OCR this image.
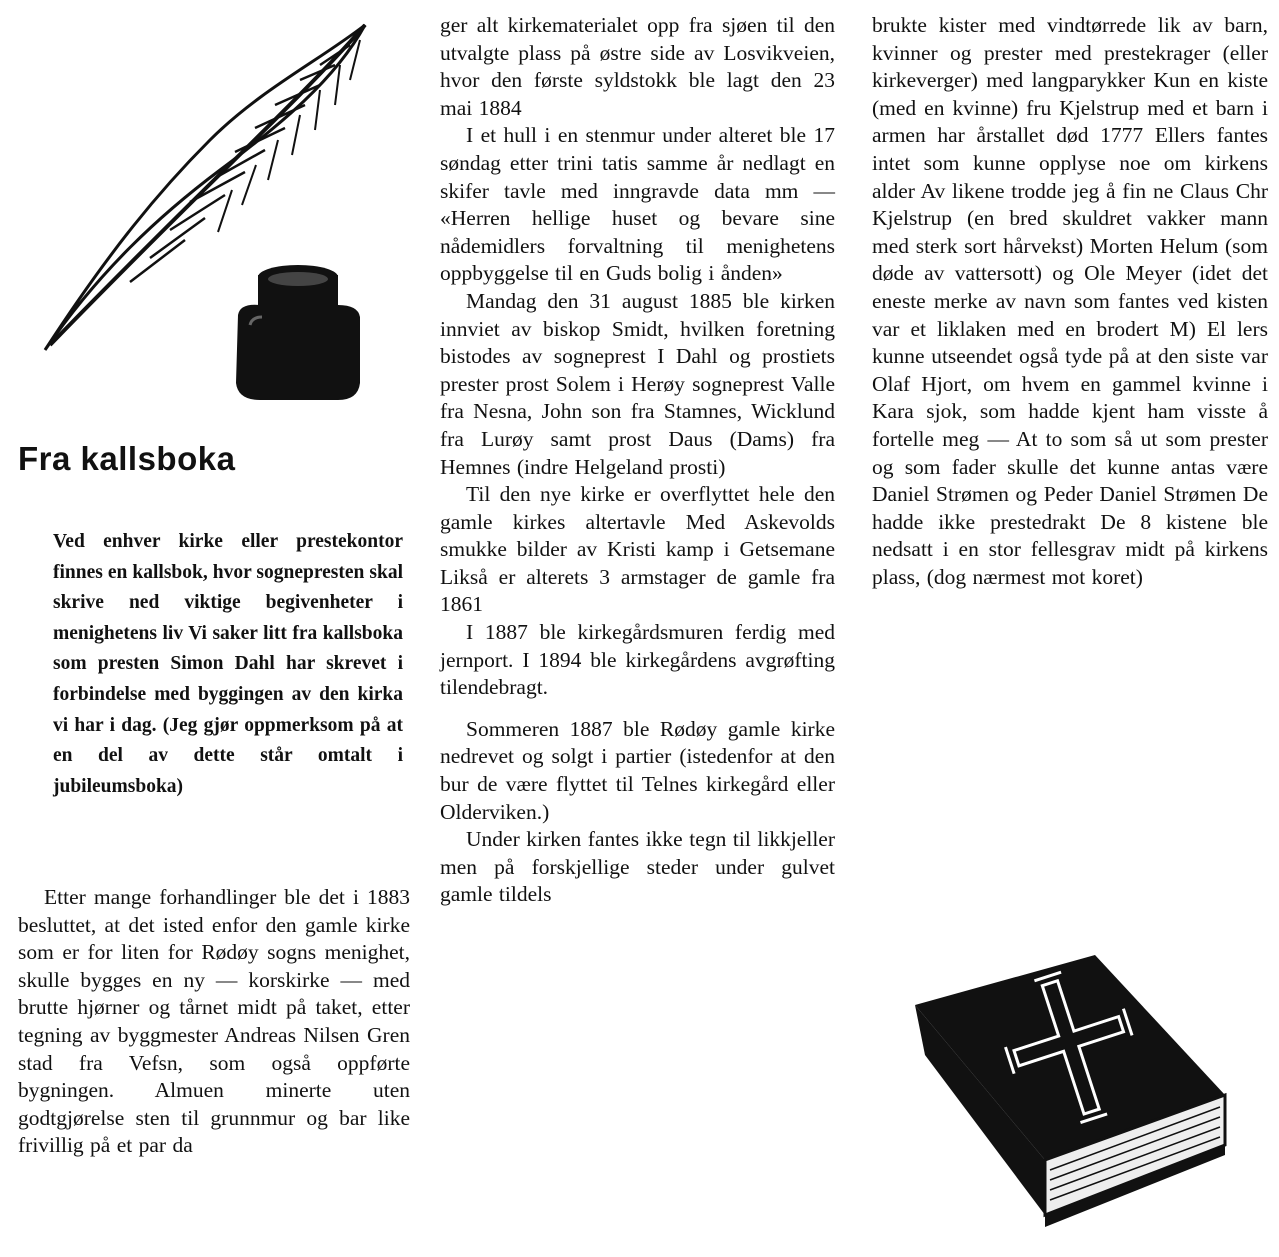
Fra kallsboka

Ved enhver kirke eller prestekontor finnes en kallsbok, hvor sognepresten skal skrive ned viktige begivenheter i menighetens liv Vi saker litt fra kallsboka som presten Simon Dahl har skrevet i forbindelse med byggingen av den kirka vi har i dag. (Jeg gjør oppmerksom på at en del av dette står omtalt i jubileumsboka)

Etter mange forhandlinger ble det i 1883 besluttet, at det isted enfor den gamle kirke som er for liten for Rødøy sogns menighet, skulle bygges en ny — korskirke — med brutte hjørner og tårnet midt på taket, etter tegning av byggmester Andreas Nilsen Gren stad fra Vefsn, som også oppførte bygningen. Almuen minerte uten godtgjørelse sten til grunnmur og bar like frivillig på et par da

ger alt kirkematerialet opp fra sjøen til den utvalgte plass på østre side av Losvikveien, hvor den første syldstokk ble lagt den 23 mai 1884

I et hull i en stenmur under alteret ble 17 søndag etter trini tatis samme år nedlagt en skifer tavle med inngravde data mm — «Herren hellige huset og bevare sine nådemidlers forvaltning til menighetens oppbyggelse til en Guds bolig i ånden»

Mandag den 31 august 1885 ble kirken innviet av biskop Smidt, hvilken foretning bistodes av sogneprest I Dahl og prostiets prester prost Solem i Herøy sogneprest Valle fra Nesna, John son fra Stamnes, Wicklund fra Lurøy samt prost Daus (Dams) fra Hemnes (indre Helgeland prosti)

Til den nye kirke er overflyttet hele den gamle kirkes altertavle Med Askevolds smukke bilder av Kristi kamp i Getsemane Likså er alterets 3 armstager de gamle fra 1861

I 1887 ble kirkegårdsmuren ferdig med jernport. I 1894 ble kirkegårdens avgrøfting tilendebragt.

Sommeren 1887 ble Rødøy gamle kirke nedrevet og solgt i partier (istedenfor at den bur de være flyttet til Telnes kirkegård eller Olderviken.)

Under kirken fantes ikke tegn til likkjeller men på forskjellige steder under gulvet gamle tildels

brukte kister med vindtørrede lik av barn, kvinner og prester med prestekrager (eller kirkeverger) med langparykker Kun en kiste (med en kvinne) fru Kjelstrup med et barn i armen har årstallet død 1777 Ellers fantes intet som kunne opplyse noe om kirkens alder Av likene trodde jeg å fin ne Claus Chr Kjelstrup (en bred skuldret vakker mann med sterk sort hårvekst) Morten Helum (som døde av vattersott) og Ole Meyer (idet det eneste merke av navn som fantes ved kisten var et liklaken med en brodert M) El lers kunne utseendet også tyde på at den siste var Olaf Hjort, om hvem en gammel kvinne i Kara sjok, som hadde kjent ham visste å fortelle meg — At to som så ut som prester og som fader skulle det kunne antas være Daniel Strømen og Peder Daniel Strømen De hadde ikke prestedrakt De 8 kistene ble nedsatt i en stor fellesgrav midt på kirkens plass, (dog nærmest mot koret)
